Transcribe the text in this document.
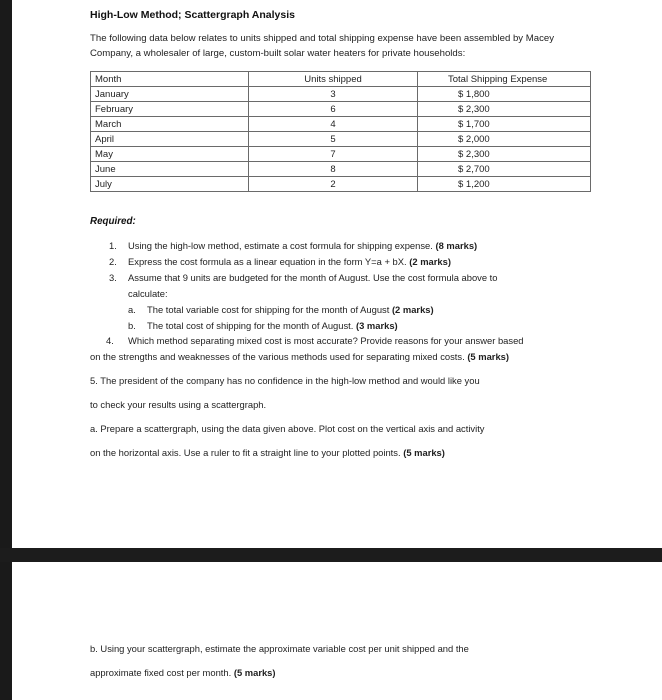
High-Low Method; Scattergraph Analysis
The following data below relates to units shipped and total shipping expense have been assembled by Macey Company, a wholesaler of large, custom-built solar water heaters for private households:
Month	Units shipped	Total Shipping Expense
January	3	$ 1,800
February	6	$ 2,300
March	4	$ 1,700
April	5	$ 2,000
May	7	$ 2,300
June	8	$ 2,700
July	2	$ 1,200
Required:
1. Using the high-low method, estimate a cost formula for shipping expense. (8 marks)
2. Express the cost formula as a linear equation in the form Y=a + bX. (2 marks)
3. Assume that 9 units are budgeted for the month of August. Use the cost formula above to
calculate:
a. The total variable cost for shipping for the month of August (2 marks)
b. The total cost of shipping for the month of August. (3 marks)
4. Which method separating mixed cost is most accurate? Provide reasons for your answer based
on the strengths and weaknesses of the various methods used for separating mixed costs. (5 marks)
5. The president of the company has no confidence in the high-low method and would like you
to check your results using a scattergraph.
a. Prepare a scattergraph, using the data given above. Plot cost on the vertical axis and activity
on the horizontal axis. Use a ruler to fit a straight line to your plotted points. (5 marks)
b. Using your scattergraph, estimate the approximate variable cost per unit shipped and the
approximate fixed cost per month. (5 marks)
